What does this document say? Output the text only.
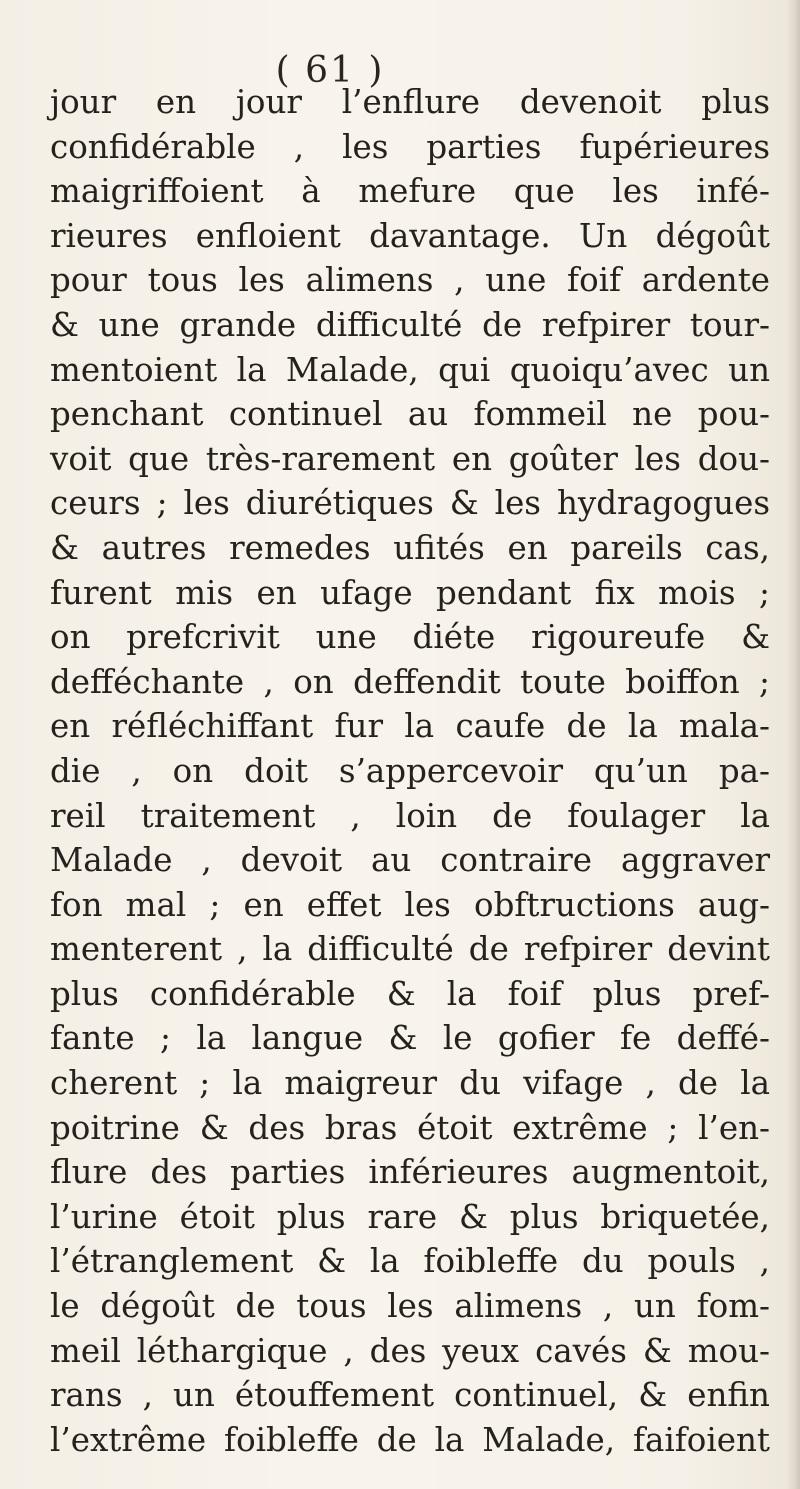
( 61 )
jour en jour l’enflure devenoit plus
confidérable , les parties fupérieures
maigriffoient à mefure que les infé-
rieures enfloient davantage. Un dégoût
pour tous les alimens , une foif ardente
& une grande difficulté de refpirer tour-
mentoient la Malade, qui quoiqu’avec un
penchant continuel au fommeil ne pou-
voit que très-rarement en goûter les dou-
ceurs ; les diurétiques & les hydragogues
& autres remedes ufités en pareils cas,
furent mis en ufage pendant fix mois ;
on prefcrivit une diéte rigoureufe &
defféchante , on deffendit toute boiffon ;
en réfléchiffant fur la caufe de la mala-
die , on doit s’appercevoir qu’un pa-
reil traitement , loin de foulager la
Malade , devoit au contraire aggraver
fon mal ; en effet les obftructions aug-
menterent , la difficulté de refpirer devint
plus confidérable & la foif plus pref-
fante ; la langue & le gofier fe deffé-
cherent ; la maigreur du vifage , de la
poitrine & des bras étoit extrême ; l’en-
flure des parties inférieures augmentoit,
l’urine étoit plus rare & plus briquetée,
l’étranglement & la foibleffe du pouls ,
le dégoût de tous les alimens , un fom-
meil léthargique , des yeux cavés & mou-
rans , un étouffement continuel, & enfin
l’extrême foibleffe de la Malade, faifoient
